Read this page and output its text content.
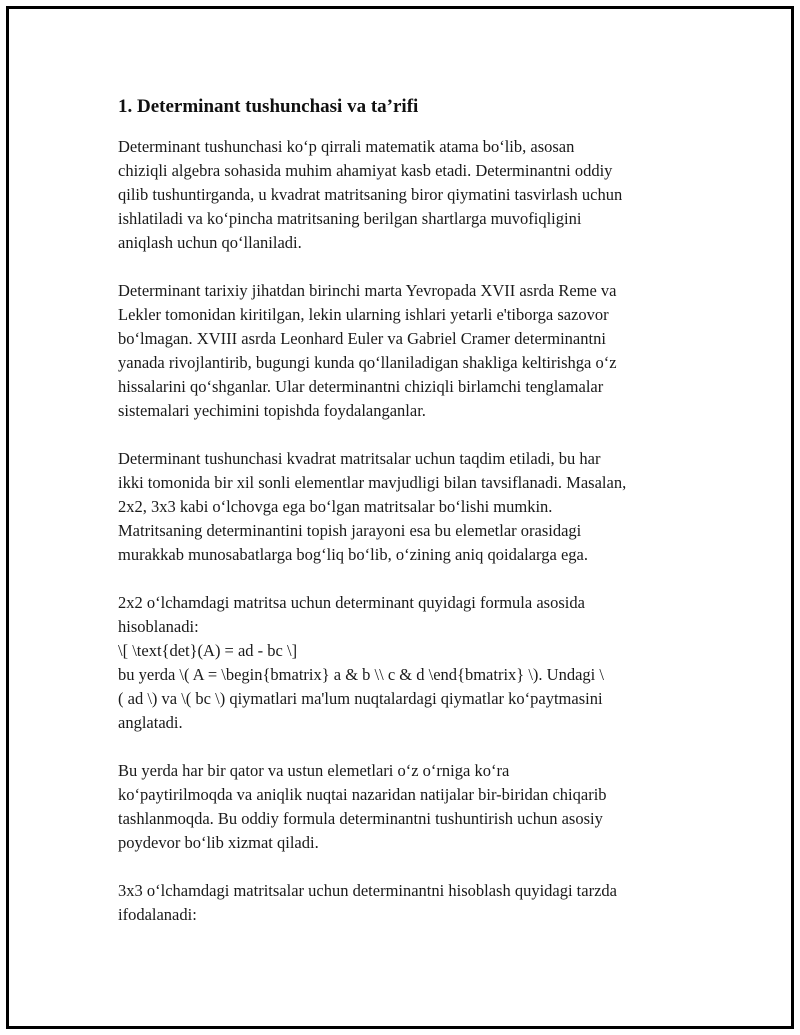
1. Determinant tushunchasi va ta’rifi

Determinant tushunchasi ko‘p qirrali matematik atama bo‘lib, asosan
chiziqli algebra sohasida muhim ahamiyat kasb etadi. Determinantni oddiy
qilib tushuntirganda, u kvadrat matritsaning biror qiymatini tasvirlash uchun
ishlatiladi va ko‘pincha matritsaning berilgan shartlarga muvofiqligini
aniqlash uchun qo‘llaniladi.

Determinant tarixiy jihatdan birinchi marta Yevropada XVII asrda Reme va
Lekler tomonidan kiritilgan, lekin ularning ishlari yetarli e'tiborga sazovor
bo‘lmagan. XVIII asrda Leonhard Euler va Gabriel Cramer determinantni
yanada rivojlantirib, bugungi kunda qo‘llaniladigan shakliga keltirishga o‘z
hissalarini qo‘shganlar. Ular determinantni chiziqli birlamchi tenglamalar
sistemalari yechimini topishda foydalanganlar.

Determinant tushunchasi kvadrat matritsalar uchun taqdim etiladi, bu har
ikki tomonida bir xil sonli elementlar mavjudligi bilan tavsiflanadi. Masalan,
2x2, 3x3 kabi o‘lchovga ega bo‘lgan matritsalar bo‘lishi mumkin.
Matritsaning determinantini topish jarayoni esa bu elemetlar orasidagi
murakkab munosabatlarga bog‘liq bo‘lib, o‘zining aniq qoidalarga ega.

2x2 o‘lchamdagi matritsa uchun determinant quyidagi formula asosida
hisoblanadi:
\[ \text{det}(A) = ad - bc \]
bu yerda \( A = \begin{bmatrix} a & b \\ c & d \end{bmatrix} \). Undagi \
( ad \) va \( bc \) qiymatlari ma'lum nuqtalardagi qiymatlar ko‘paytmasini
anglatadi.

Bu yerda har bir qator va ustun elemetlari o‘z o‘rniga ko‘ra
ko‘paytirilmoqda va aniqlik nuqtai nazaridan natijalar bir-biridan chiqarib
tashlanmoqda. Bu oddiy formula determinantni tushuntirish uchun asosiy
poydevor bo‘lib xizmat qiladi.

3x3 o‘lchamdagi matritsalar uchun determinantni hisoblash quyidagi tarzda
ifodalanadi:
